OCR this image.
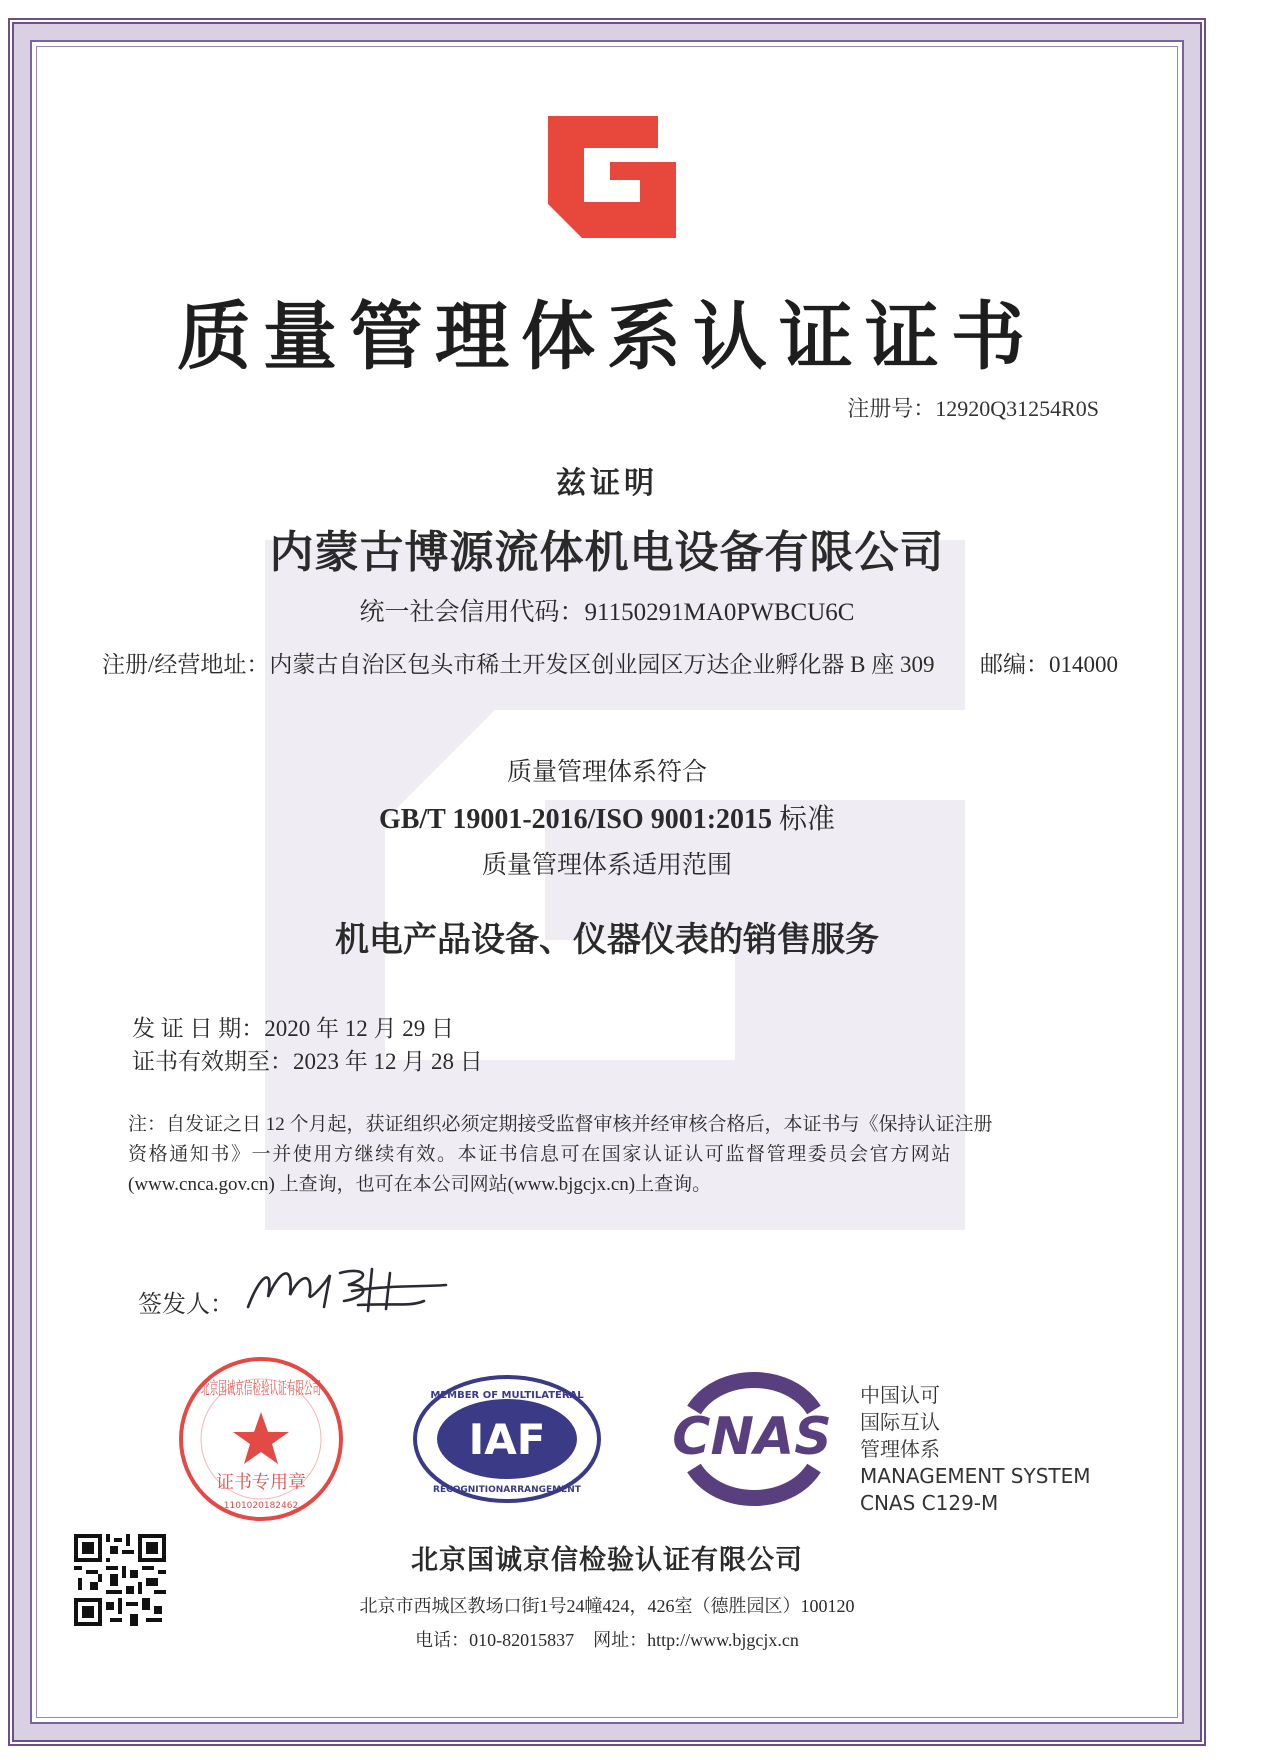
质量管理体系认证证书
注册号：12920Q31254R0S
兹证明
内蒙古博源流体机电设备有限公司
统一社会信用代码：91150291MA0PWBCU6C
注册/经营地址：内蒙古自治区包头市稀土开发区创业园区万达企业孵化器 B 座 309 邮编：014000
质量管理体系符合
GB/T 19001-2016/ISO 9001:2015 标准
质量管理体系适用范围
机电产品设备、仪器仪表的销售服务
发 证 日 期：2020 年 12 月 29 日
证书有效期至：2023 年 12 月 28 日
注：自发证之日 12 个月起，获证组织必须定期接受监督审核并经审核合格后，本证书与《保持认证注册
资格通知书》一并使用方继续有效。本证书信息可在国家认证认可监督管理委员会官方网站
(www.cnca.gov.cn) 上查询，也可在本公司网站(www.bjgcjx.cn)上查询。
签发人：
北京国诚京信检验认证有限公司
证书专用章
1101020182462
MEMBER OF MULTILATERAL
IAF
RECOGNITIONARRANGEMENT
CNAS
中国认可
国际互认
管理体系
MANAGEMENT SYSTEM
CNAS C129-M
北京国诚京信检验认证有限公司
北京市西城区教场口街1号24幢424，426室（德胜园区）100120
电话：010-82015837 网址：http://www.bjgcjx.cn
